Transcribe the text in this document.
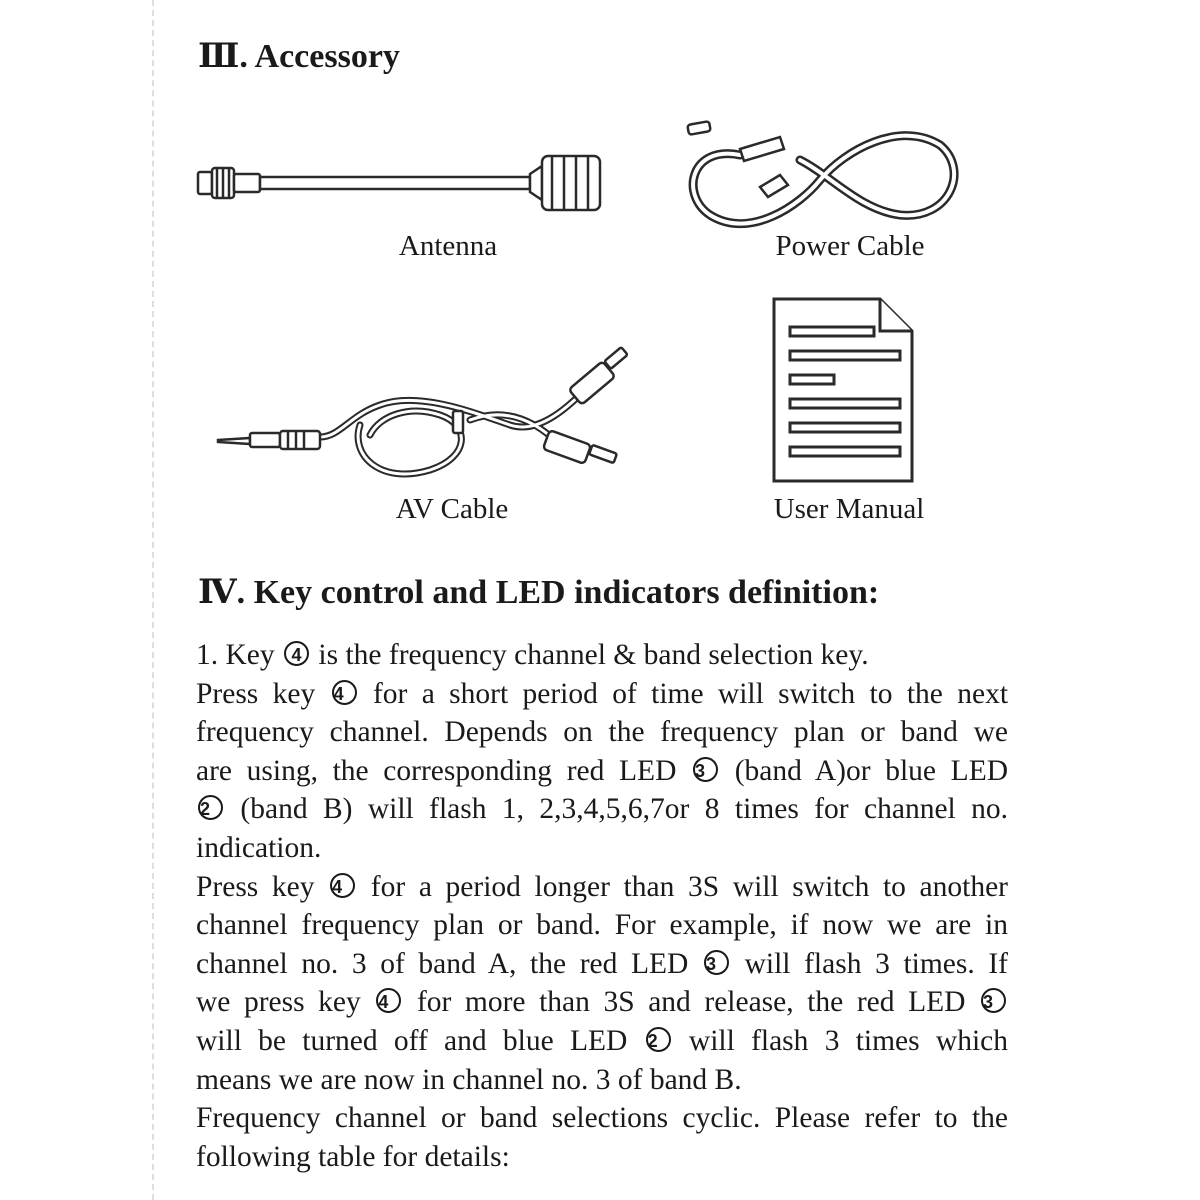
Ⅲ. Accessory
Antenna	Power Cable
AV Cable	User Manual
Ⅳ. Key control and LED indicators definition:
1. Key 4 is the frequency channel & band selection key.
Press key 4 for a short period of time will switch to the next
frequency channel. Depends on the frequency plan or band we
are using, the corresponding red LED 3 (band A)or blue LED
2 (band B) will flash 1, 2,3,4,5,6,7or 8 times for channel no.
indication.
Press key 4 for a period longer than 3S will switch to another
channel frequency plan or band. For example, if now we are in
channel no. 3 of band A, the red LED 3 will flash 3 times. If
we press key 4 for more than 3S and release, the red LED 3
will be turned off and blue LED 2 will flash 3 times which
means we are now in channel no. 3 of band B.
Frequency channel or band selections cyclic. Please refer to the
following table for details:
